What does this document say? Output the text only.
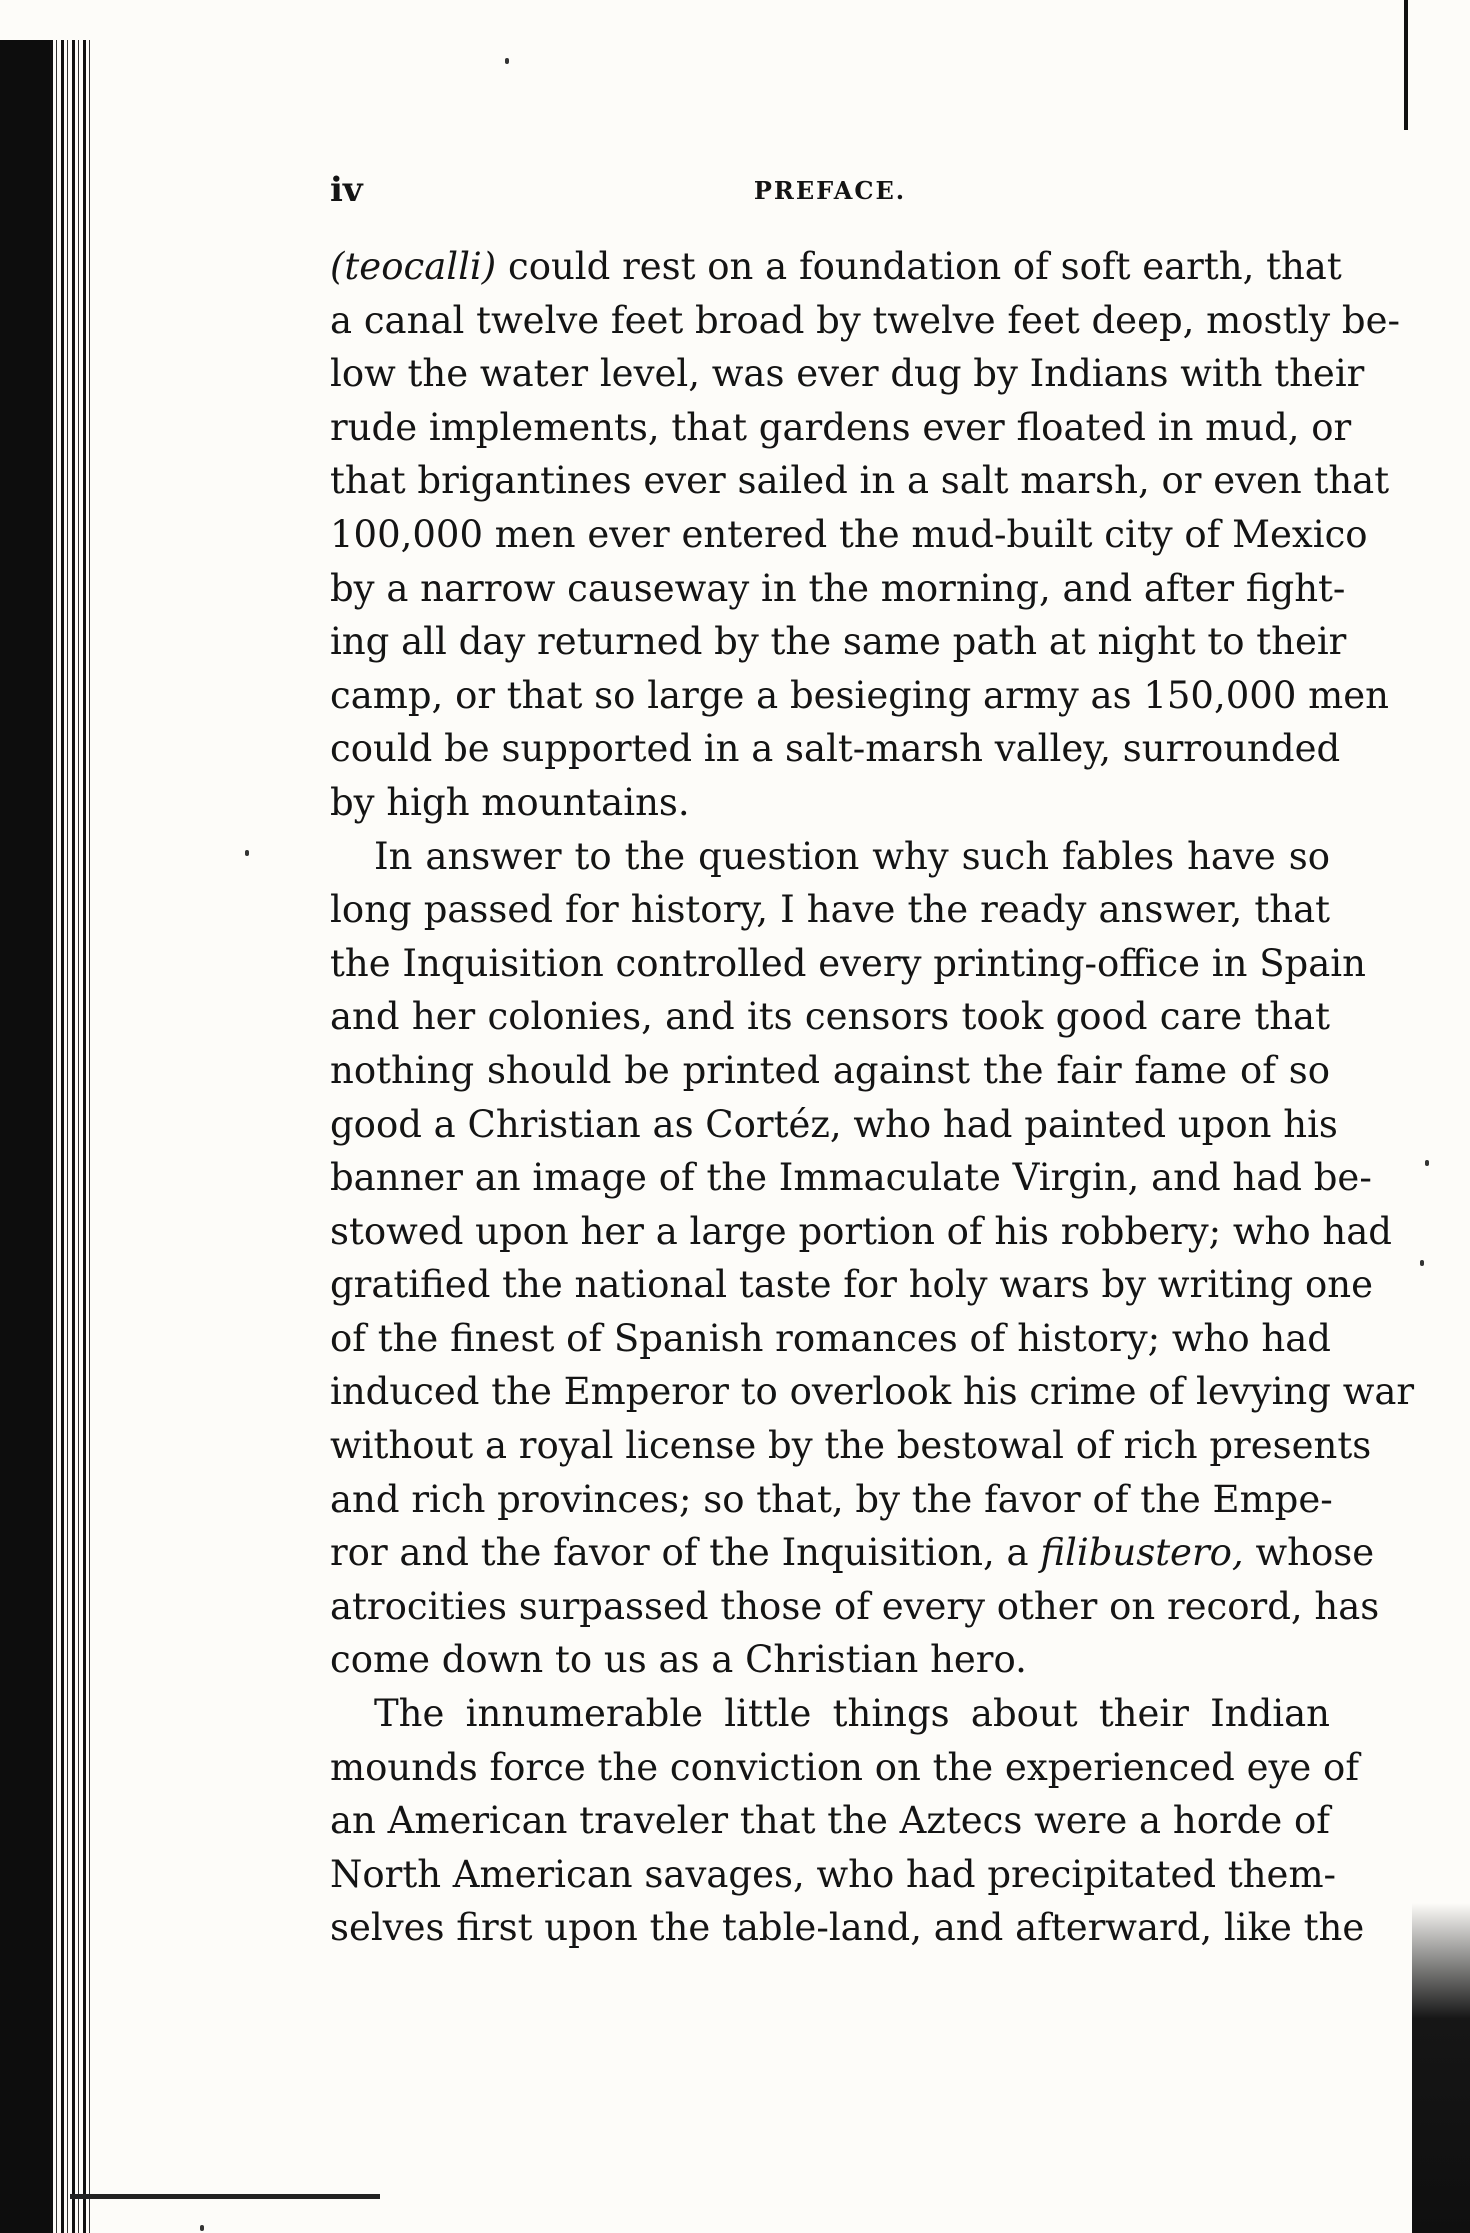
iv	PREFACE.

(teocalli) could rest on a foundation of soft earth, that
a canal twelve feet broad by twelve feet deep, mostly be-
low the water level, was ever dug by Indians with their
rude implements, that gardens ever floated in mud, or
that brigantines ever sailed in a salt marsh, or even that
100,000 men ever entered the mud-built city of Mexico
by a narrow causeway in the morning, and after fight-
ing all day returned by the same path at night to their
camp, or that so large a besieging army as 150,000 men
could be supported in a salt-marsh valley, surrounded
by high mountains.

In answer to the question why such fables have so
long passed for history, I have the ready answer, that
the Inquisition controlled every printing-office in Spain
and her colonies, and its censors took good care that
nothing should be printed against the fair fame of so
good a Christian as Cortéz, who had painted upon his
banner an image of the Immaculate Virgin, and had be-
stowed upon her a large portion of his robbery; who had
gratified the national taste for holy wars by writing one
of the finest of Spanish romances of history; who had
induced the Emperor to overlook his crime of levying war
without a royal license by the bestowal of rich presents
and rich provinces; so that, by the favor of the Empe-
ror and the favor of the Inquisition, a filibustero, whose
atrocities surpassed those of every other on record, has
come down to us as a Christian hero.

The innumerable little things about their Indian
mounds force the conviction on the experienced eye of
an American traveler that the Aztecs were a horde of
North American savages, who had precipitated them-
selves first upon the table-land, and afterward, like the
